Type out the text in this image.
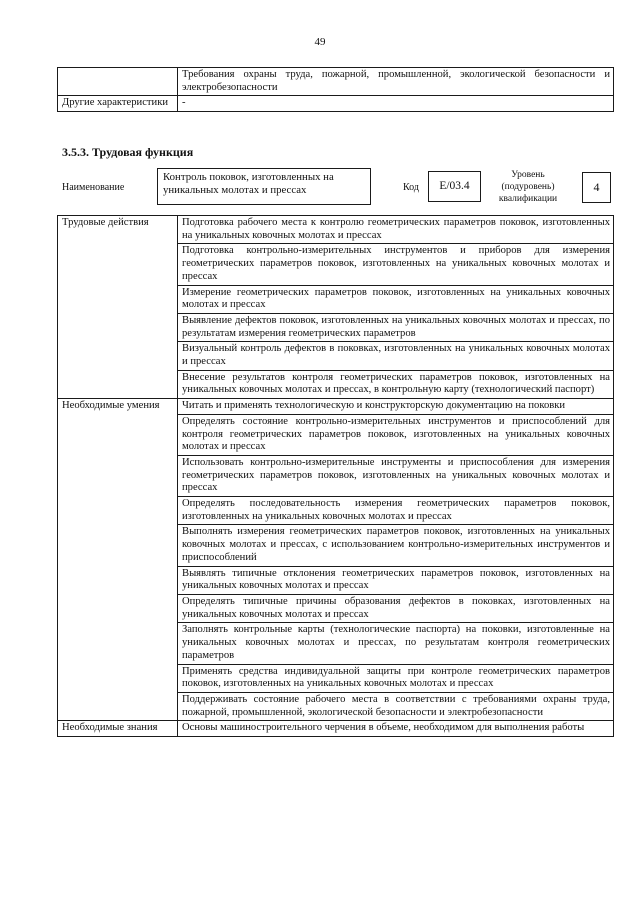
49
	Требования охраны труда, пожарной, промышленной, экологической безопасности и электробезопасности
Другие характеристики	-
3.5.3. Трудовая функция
Наименование
Контроль поковок, изготовленных на уникальных молотах и прессах	Код	E/03.4
Уровень (подуровень) квалификации
4
Трудовые действия	Подготовка рабочего места к контролю геометрических параметров поковок, изготовленных на уникальных ковочных молотах и прессах
	Подготовка контрольно-измерительных инструментов и приборов для измерения геометрических параметров поковок, изготовленных на уникальных ковочных молотах и прессах
	Измерение геометрических параметров поковок, изготовленных на уникальных ковочных молотах и прессах
	Выявление дефектов поковок, изготовленных на уникальных ковочных молотах и прессах, по результатам измерения геометрических параметров
	Визуальный контроль дефектов в поковках, изготовленных на уникальных ковочных молотах и прессах
	Внесение результатов контроля геометрических параметров поковок, изготовленных на уникальных ковочных молотах и прессах, в контрольную карту (технологический паспорт)
Необходимые умения	Читать и применять технологическую и конструкторскую документацию на поковки
	Определять состояние контрольно-измерительных инструментов и приспособлений для контроля геометрических параметров поковок, изготовленных на уникальных ковочных молотах и прессах
	Использовать контрольно-измерительные инструменты и приспособления для измерения геометрических параметров поковок, изготовленных на уникальных ковочных молотах и прессах
	Определять последовательность измерения геометрических параметров поковок, изготовленных на уникальных ковочных молотах и прессах
	Выполнять измерения геометрических параметров поковок, изготовленных на уникальных ковочных молотах и прессах, с использованием контрольно-измерительных инструментов и приспособлений
	Выявлять типичные отклонения геометрических параметров поковок, изготовленных на уникальных ковочных молотах и прессах
	Определять типичные причины образования дефектов в поковках, изготовленных на уникальных ковочных молотах и прессах
	Заполнять контрольные карты (технологические паспорта) на поковки, изготовленные на уникальных ковочных молотах и прессах, по результатам контроля геометрических параметров
	Применять средства индивидуальной защиты при контроле геометрических параметров поковок, изготовленных на уникальных ковочных молотах и прессах
	Поддерживать состояние рабочего места в соответствии с требованиями охраны труда, пожарной, промышленной, экологической безопасности и электробезопасности
Необходимые знания	Основы машиностроительного черчения в объеме, необходимом для выполнения работы
